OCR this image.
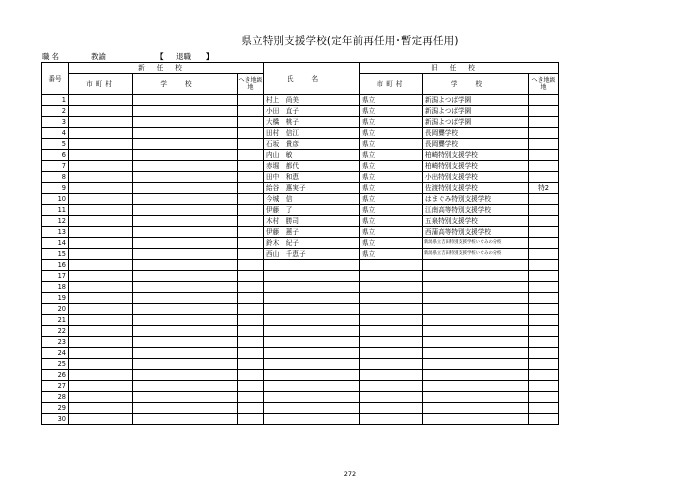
県立特別支援学校(定年前再任用･暫定再任用)
職名	教諭	【 退職 】
番号	新任校			氏名	旧任校	
	市町村	学校	へき地級地		市町村	学校	へき地級地	
1				村上　尚美	県立	新潟よつば学園		
2				小田　直子	県立	新潟よつば学園		
3				大橋　桃子	県立	新潟よつば学園		
4				田村　信江	県立	長岡聾学校		
5				石坂　貴彦	県立	長岡聾学校		
6				内山　敏	県立	柏崎特別支援学校		
7				赤堀　都代	県立	柏崎特別支援学校		
8				田中　和恵	県立	小出特別支援学校		
9				給谷　惠実子	県立	佐渡特別支援学校	特2	
10				今城　信	県立	はまぐみ特別支援学校		
11				伊藤　了	県立	江南高等特別支援学校		
12				木村　勝司	県立	五泉特別支援学校		
13				伊藤　蕙子	県立	西蒲高等特別支援学校		
14				鈴木　紀子	県立	新潟県立吉田特別支援学校いぐみの分校		
15				西山　千恵子	県立	新潟県立吉田特別支援学校いぐみの分校		
16								
17								
18								
19								
20								
21								
22								
23								
24								
25								
26								
27								
28								
29								
30								
272
